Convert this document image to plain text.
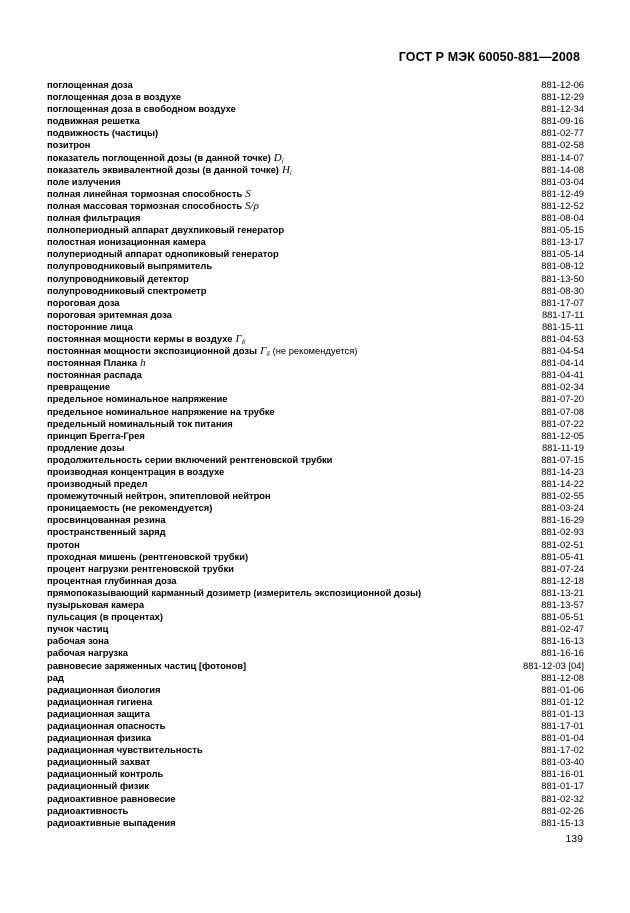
ГОСТ Р МЭК 60050-881—2008
поглощенная доза	881-12-06
поглощенная доза в воздухе	881-12-29
поглощенная доза в свободном воздухе	881-12-34
подвижная решетка	881-09-16
подвижность (частицы)	881-02-77
позитрон	881-02-58
показатель поглощенной дозы (в данной точке) $D_i$	881-14-07
показатель эквивалентной дозы (в данной точке) $H_i$	881-14-08
поле излучения	881-03-04
полная линейная тормозная способность S	881-12-49
полная массовая тормозная способность S/ρ	881-12-52
полная фильтрация	881-08-04
полнопериодный аппарат двухпиковый генератор	881-05-15
полостная ионизационная камера	881-13-17
полупериодный аппарат однопиковый генератор	881-05-14
полупроводниковый выпрямитель	881-08-12
полупроводниковый детектор	881-13-50
полупроводниковый спектрометр	881-08-30
пороговая доза	881-17-07
пороговая эритемная доза	881-17-11
посторонние лица	881-15-11
постоянная мощности кермы в воздухе $\Gamma_\delta$	881-04-53
постоянная мощности экспозиционной дозы $\Gamma_\delta$ (не рекомендуется)	881-04-54
постоянная Планка h	881-04-14
постоянная распада	881-04-41
превращение	881-02-34
предельное номинальное напряжение	881-07-20
предельное номинальное напряжение на трубке	881-07-08
предельный номинальный ток питания	881-07-22
принцип Брегга-Грея	881-12-05
продление дозы	881-11-19
продолжительность серии включений рентгеновской трубки	881-07-15
производная концентрация в воздухе	881-14-23
производный предел	881-14-22
промежуточный нейтрон, эпитепловой нейтрон	881-02-55
проницаемость (не рекомендуется)	881-03-24
просвинцованная резина	881-16-29
пространственный заряд	881-02-93
протон	881-02-51
проходная мишень (рентгеновской трубки)	881-05-41
процент нагрузки рентгеновской трубки	881-07-24
процентная глубинная доза	881-12-18
прямопоказывающий карманный дозиметр (измеритель экспозиционной дозы)	881-13-21
пузырьковая камера	881-13-57
пульсация (в процентах)	881-05-51
пучок частиц	881-02-47
рабочая зона	881-16-13
рабочая нагрузка	881-16-16
равновесие заряженных частиц [фотонов]	881-12-03 [04]
рад	881-12-08
радиационная биология	881-01-06
радиационная гигиена	881-01-12
радиационная защита	881-01-13
радиационная опасность	881-17-01
радиационная физика	881-01-04
радиационная чувствительность	881-17-02
радиационный захват	881-03-40
радиационный контроль	881-16-01
радиационный физик	881-01-17
радиоактивное равновесие	881-02-32
радиоактивность	881-02-26
радиоактивные выпадения	881-15-13
139
